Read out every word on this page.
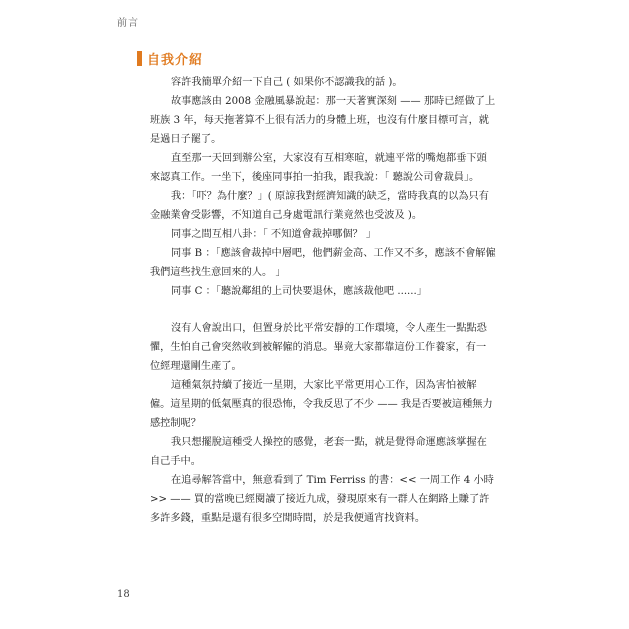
前言
自我介紹

容許我簡單介紹一下自己 ( 如果你不認識我的話 )。

故事應該由 2008 金融風暴說起：那一天著實深刻 —— 那時已經做了上班族 3 年，每天拖著算不上很有活力的身體上班，也沒有什麼目標可言，就是過日子罷了。

直至那一天回到辦公室，大家沒有互相寒暄，就連平常的嘴炮都垂下頭來認真工作。一坐下，後座同事拍一拍我，跟我說：「 聽說公司會裁員」。

我：「吓？為什麼？」( 原諒我對經濟知識的缺乏，當時我真的以為只有金融業會受影響，不知道自己身處電訊行業竟然也受波及 )。

同事之間互相八卦：「 不知道會裁掉哪個？ 」

同事 B ：「應該會裁掉中層吧，他們薪金高、工作又不多，應該不會解僱我們這些找生意回來的人。 」

同事 C ：「聽說鄰組的上司快要退休，應該裁他吧 ......」

沒有人會說出口，但置身於比平常安靜的工作環境，令人產生一點點恐懼，生怕自己會突然收到被解僱的消息。畢竟大家都靠這份工作養家，有一位經理還剛生產了。

這種氣氛持續了接近一星期，大家比平常更用心工作，因為害怕被解僱。這星期的低氣壓真的很恐怖，令我反思了不少 —— 我是否要被這種無力感控制呢？

我只想擺脫這種受人操控的感覺，老套一點，就是覺得命運應該掌握在自己手中。

在追尋解答當中，無意看到了 Tim Ferriss 的書：<< 一周工作 4 小時 >> —— 買的當晚已經閱讀了接近九成，發現原來有一群人在網路上賺了許多許多錢，重點是還有很多空閒時間，於是我便通宵找資料。

18
